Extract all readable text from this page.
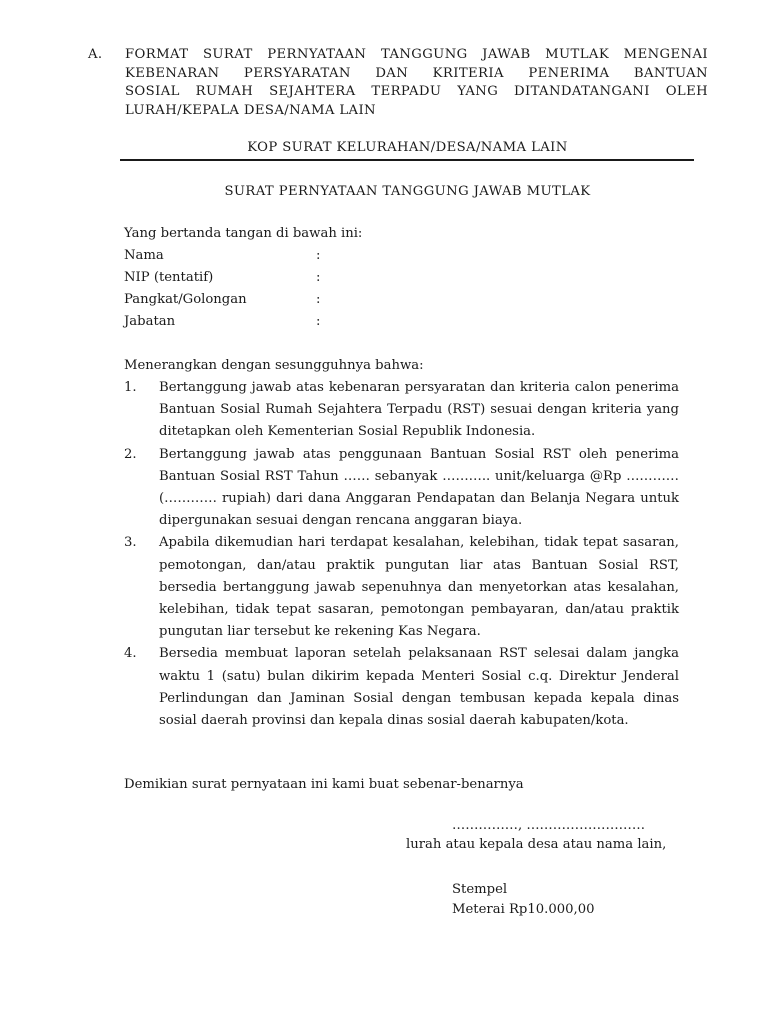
A. FORMAT SURAT PERNYATAAN TANGGUNG JAWAB MUTLAK MENGENAI
KEBENARAN PERSYARATAN DAN KRITERIA PENERIMA BANTUAN
SOSIAL RUMAH SEJAHTERA TERPADU YANG DITANDATANGANI OLEH
LURAH/KEPALA DESA/NAMA LAIN
KOP SURAT KELURAHAN/DESA/NAMA LAIN
SURAT PERNYATAAN TANGGUNG JAWAB MUTLAK
Yang bertanda tangan di bawah ini:
Nama	:
NIP (tentatif)	:
Pangkat/Golongan	:
Jabatan	:
Menerangkan dengan sesungguhnya bahwa:
1. Bertanggung jawab atas kebenaran persyaratan dan kriteria calon penerima Bantuan Sosial Rumah Sejahtera Terpadu (RST) sesuai dengan kriteria yang ditetapkan oleh Kementerian Sosial Republik Indonesia.
2. Bertanggung jawab atas penggunaan Bantuan Sosial RST oleh penerima Bantuan Sosial RST Tahun …… sebanyak ……….. unit/keluarga @Rp ………… (………… rupiah) dari dana Anggaran Pendapatan dan Belanja Negara untuk dipergunakan sesuai dengan rencana anggaran biaya.
3. Apabila dikemudian hari terdapat kesalahan, kelebihan, tidak tepat sasaran, pemotongan, dan/atau praktik pungutan liar atas Bantuan Sosial RST, bersedia bertanggung jawab sepenuhnya dan menyetorkan atas kesalahan, kelebihan, tidak tepat sasaran, pemotongan pembayaran, dan/atau praktik pungutan liar tersebut ke rekening Kas Negara.
4. Bersedia membuat laporan setelah pelaksanaan RST selesai dalam jangka waktu 1 (satu) bulan dikirim kepada Menteri Sosial c.q. Direktur Jenderal Perlindungan dan Jaminan Sosial dengan tembusan kepada kepala dinas sosial daerah provinsi dan kepala dinas sosial daerah kabupaten/kota.
Demikian surat pernyataan ini kami buat sebenar-benarnya
……………, ………………………
lurah atau kepala desa atau nama lain,
Stempel
Meterai Rp10.000,00
